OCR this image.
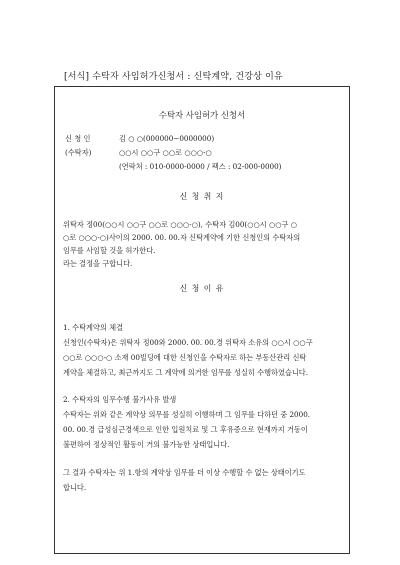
[서식] 수탁자 사임허가신청서 : 신탁계약, 건강상 이유
수탁자 사임허가 신청서
신 청 인	김 ○ ○(000000−0000000)
(수탁자)	○○시 ○○구 ○○로 ○○○-○
(연락처 : 010-0000-0000 / 팩스 : 02-000-0000)
신 청 취 지
위탁자 정00(○○시 ○○구 ○○로 ○○○-○), 수탁자 김00(○○시 ○○구 ○
○로 ○○○-○)사이의 2000. 00. 00.자 신탁계약에 기한 신청인의 수탁자의
임무를 사임할 것을 허가한다.
라는 결정을 구합니다.
신 청 이 유
1. 수탁계약의 체결
신청인(수탁자)은 위탁자 정00와 2000. 00. 00.경 위탁자 소유의 ○○시 ○○구
○○로 ○○○-○ 소재 00빌딩에 대한 신청인을 수탁자로 하는 부동산관리 신탁
계약을 체결하고, 최근까지도 그 계약에 의거한 임무를 성실히 수행하였습니다.
2. 수탁자의 임무수행 불가사유 발생
수탁자는 위와 같은 계약상 의무를 성실히 이행하며 그 임무를 다하던 중 2000.
00. 00.경 급성심근경색으로 인한 입원치료 및 그 후유증으로 현재까지 거동이
불편하여 정상적인 활동이 거의 불가능한 상태입니다.
그 결과 수탁자는 위 1.항의 계약상 임무를 더 이상 수행할 수 없는 상태이기도
합니다.
